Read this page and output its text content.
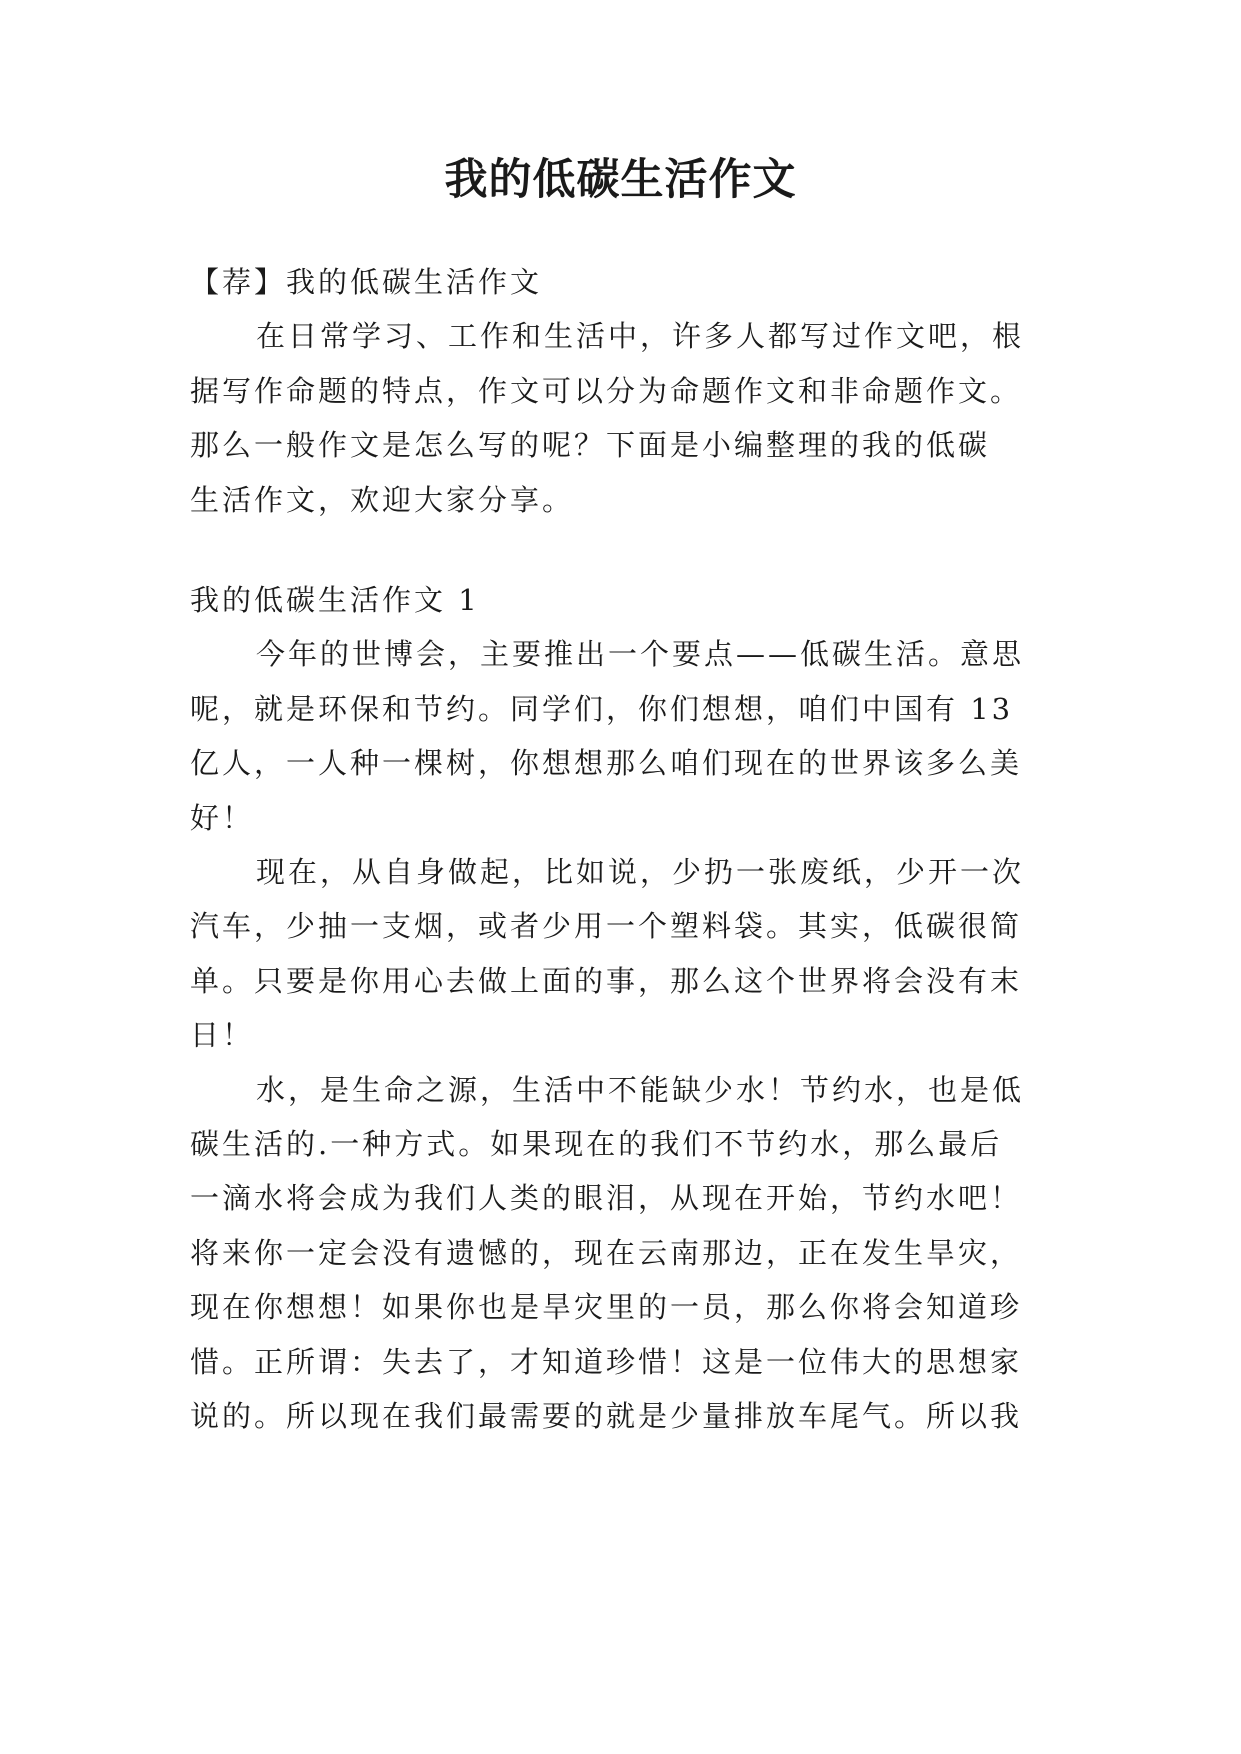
我的低碳生活作文

【荐】我的低碳生活作文

在日常学习、工作和生活中，许多人都写过作文吧，根

据写作命题的特点，作文可以分为命题作文和非命题作文。

那么一般作文是怎么写的呢？下面是小编整理的我的低碳

生活作文，欢迎大家分享。

我的低碳生活作文 1

今年的世博会，主要推出一个要点——低碳生活。意思

呢，就是环保和节约。同学们，你们想想，咱们中国有 13

亿人，一人种一棵树，你想想那么咱们现在的世界该多么美

好！

现在，从自身做起，比如说，少扔一张废纸，少开一次

汽车，少抽一支烟，或者少用一个塑料袋。其实，低碳很简

单。只要是你用心去做上面的事，那么这个世界将会没有末

日！

水，是生命之源，生活中不能缺少水！节约水，也是低

碳生活的.一种方式。如果现在的我们不节约水，那么最后

一滴水将会成为我们人类的眼泪，从现在开始，节约水吧！

将来你一定会没有遗憾的，现在云南那边，正在发生旱灾，

现在你想想！如果你也是旱灾里的一员，那么你将会知道珍

惜。正所谓：失去了，才知道珍惜！这是一位伟大的思想家

说的。所以现在我们最需要的就是少量排放车尾气。所以我
